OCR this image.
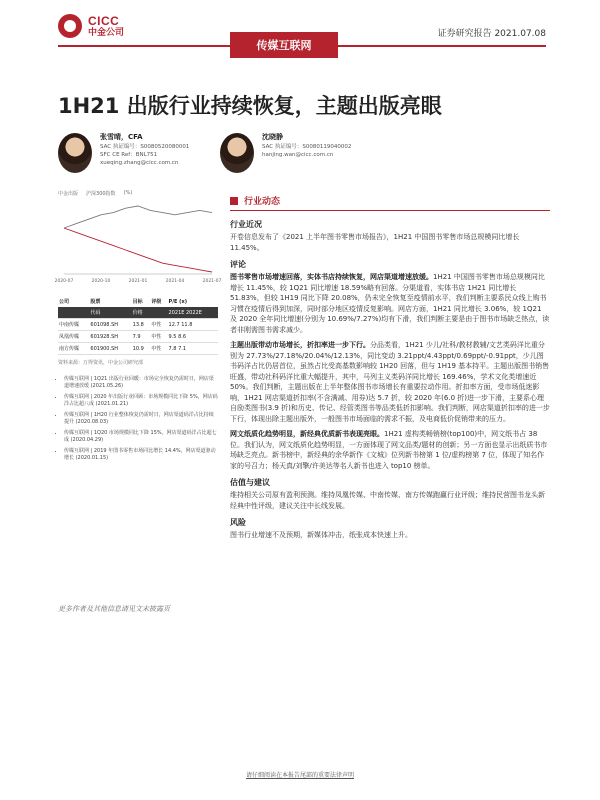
CICC
中金公司	证券研究报告 2021.07.08
传媒互联网
1H21 出版行业持续恢复，主题出版亮眼
张雪晴，CFA
SAC 执证编号：S0080520080001
SFC CE Ref：BNL751
xueqing.zhang@cicc.com.cn
沈晓静
SAC 执证编号：S0080119040002
hanjing.wan@cicc.com.cn
中金出版 沪深300指数 (%)
2020-07	2020-10	2021-01	2021-04	2021-07
公司	股票	目标	评级	P/E (x)
	代码	价格		2021E 2022E
中南传媒	601098.SH	13.8	中性	12.7 11.8
凤凰传媒	601928.SH	7.9	中性	9.5 8.6
南方传媒	601900.SH	10.9	中性	7.8 7.1
资料来源：万得资讯，中金公司研究部
• 传媒互联网 | 1Q21 出版行业回暖：市场完全恢复仍需时日，网店渠道增速放缓 (2021.05.26)
• 传媒互联网 | 2020 年出版行业回顾：市场规模同比下降 5%，网店码洋占比超八成 (2021.01.21)
• 传媒互联网 | 1H20 行业整体恢复仍需时日，网店渠道码洋占比持续提升 (2020.08.03)
• 传媒互联网 | 1Q20 市场规模同比下降 15%，网店渠道码洋占比超七成 (2020.04.29)
• 传媒互联网 | 2019 年图书零售市场同比增长 14.4%，网店渠道驱动增长 (2020.01.15)
更多作者及其他信息请见文末披露页
行业动态
行业近况

开卷信息发布了《2021 上半年图书零售市场报告》，1H21 中国图书零售市场总规模同比增长 11.45%。

评论

图书零售市场增速回落，实体书店持续恢复，网店渠道增速放缓。1H21 中国图书零售市场总规模同比增长 11.45%，较 1Q21 同比增速 18.59%略有回落。分渠道看，实体书店 1H21 同比增长 51.83%，但较 1H19 同比下降 20.08%，仍未完全恢复至疫情前水平，我们判断主要系民众线上购书习惯在疫情后得到加深，同时部分地区疫情反复影响。网店方面，1H21 同比增长 3.06%，较 1Q21 及 2020 全年同比增速(分别为 10.69%/7.27%)均有下滑，我们判断主要是由于图书市场缺乏热点，读者非刚需图书需求减少。

主题出版带动市场增长，折扣率进一步下行。分品类看，1H21 少儿/社科/教材教辅/文艺类码洋比重分别为 27.73%/27.18%/20.04%/12.13%，同比变动 3.21ppt/4.43ppt/0.69ppt/-0.91ppt，少儿图书码洋占比仍居首位，虽然占比受高基数影响较 1H20 回落，但与 1H19 基本持平。主题出版图书销售旺盛，带动社科码洋比重大幅提升，其中，马列主义类码洋同比增长 169.46%，学术文化类增速近 50%。我们判断，主题出版在上半年整体图书市场增长有重要拉动作用。折扣率方面，受市场低迷影响，1H21 网店渠道折扣率(不含满减、用券)达 5.7 折，较 2020 年(6.0 折)进一步下滑，主要系心理自励类图书(3.9 折)和历史、传记、经管类图书等品类低折扣影响。我们判断，网店渠道折扣率的进一步下行，体现出除主题出版外，一般图书市场面临的需求不振，及电商低价促销带来的压力。

网文纸质化趋势明显，新经典优质新书表现亮眼。1H21 虚构类畅销榜(top100)中，网文纸书占 38 位。我们认为，网文纸质化趋势明显，一方面体现了网文品类/题材的创新；另一方面也显示出纸质书市场缺乏亮点。新书榜中，新经典的余华新作《文城》位列新书榜第 1 位/虚构榜第 7 位，体现了知名作家的号召力；杨天真/刘擎/许美达等名人新书也进入 top10 榜单。

估值与建议

维持相关公司原有盈利预测。维持凤凰传媒、中南传媒、南方传媒跑赢行业评级；维持民营图书龙头新经典中性评级，建议关注中长线发展。

风险

图书行业增速不及预期，新媒体冲击，纸张成本快速上升。

请仔细阅读在本报告尾部的重要法律声明
